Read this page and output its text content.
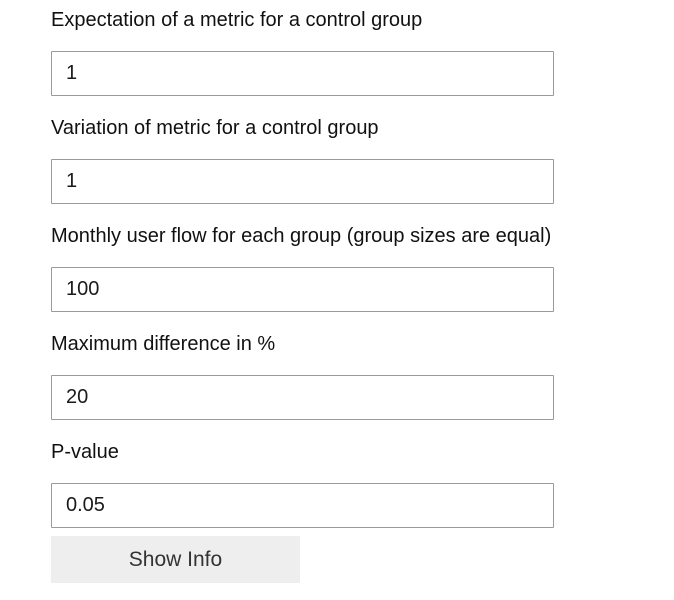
Expectation of a metric for a control group
1
Variation of metric for a control group
1
Monthly user flow for each group (group sizes are equal)
100
Maximum difference in %
20
P-value
0.05
Show Info
